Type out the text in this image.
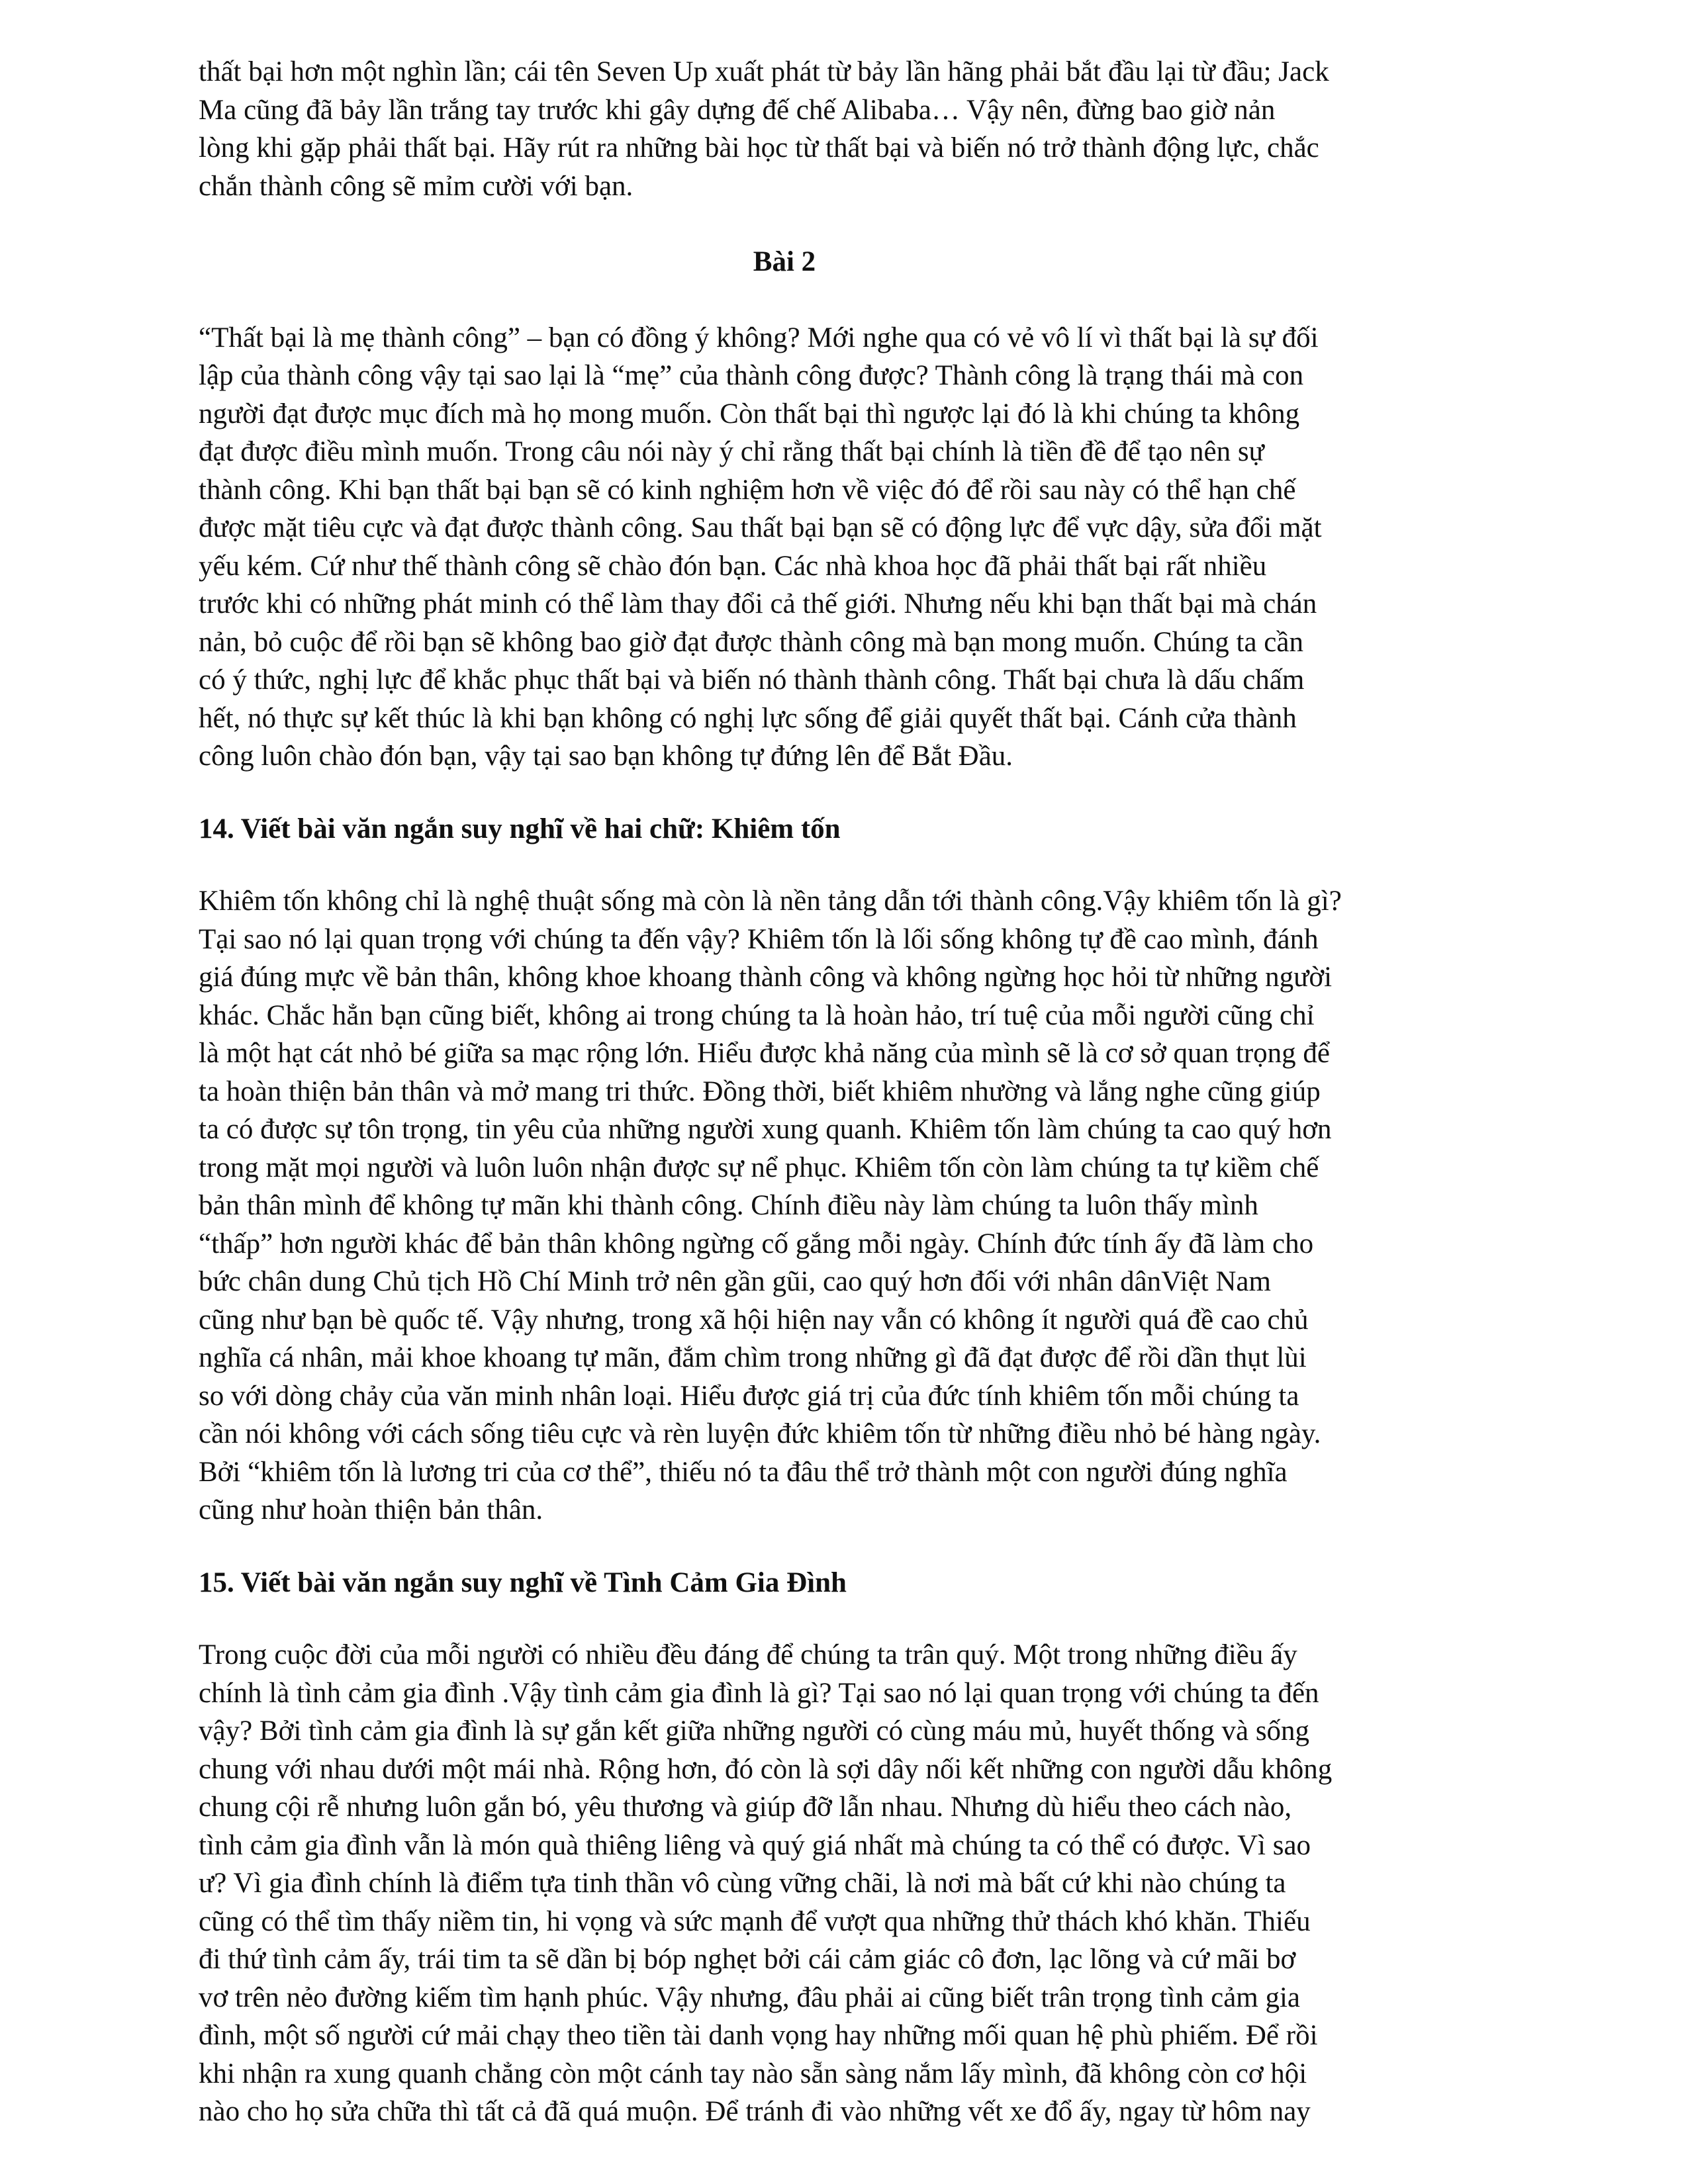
thất bại hơn một nghìn lần; cái tên Seven Up xuất phát từ bảy lần hãng phải bắt đầu lại từ đầu; Jack
Ma cũng đã bảy lần trắng tay trước khi gây dựng đế chế Alibaba… Vậy nên, đừng bao giờ nản
lòng khi gặp phải thất bại. Hãy rút ra những bài học từ thất bại và biến nó trở thành động lực, chắc
chắn thành công sẽ mỉm cười với bạn.
Bài 2
“Thất bại là mẹ thành công” – bạn có đồng ý không? Mới nghe qua có vẻ vô lí vì thất bại là sự đối
lập của thành công vậy tại sao lại là “mẹ” của thành công được? Thành công là trạng thái mà con
người đạt được mục đích mà họ mong muốn. Còn thất bại thì ngược lại đó là khi chúng ta không
đạt được điều mình muốn. Trong câu nói này ý chỉ rằng thất bại chính là tiền đề để tạo nên sự
thành công. Khi bạn thất bại bạn sẽ có kinh nghiệm hơn về việc đó để rồi sau này có thể hạn chế
được mặt tiêu cực và đạt được thành công. Sau thất bại bạn sẽ có động lực để vực dậy, sửa đổi mặt
yếu kém. Cứ như thế thành công sẽ chào đón bạn. Các nhà khoa học đã phải thất bại rất nhiều
trước khi có những phát minh có thể làm thay đổi cả thế giới. Nhưng nếu khi bạn thất bại mà chán
nản, bỏ cuộc để rồi bạn sẽ không bao giờ đạt được thành công mà bạn mong muốn. Chúng ta cần
có ý thức, nghị lực để khắc phục thất bại và biến nó thành thành công. Thất bại chưa là dấu chấm
hết, nó thực sự kết thúc là khi bạn không có nghị lực sống để giải quyết thất bại. Cánh cửa thành
công luôn chào đón bạn, vậy tại sao bạn không tự đứng lên để Bắt Đầu.
14. Viết bài văn ngắn suy nghĩ về hai chữ: Khiêm tốn
Khiêm tốn không chỉ là nghệ thuật sống mà còn là nền tảng dẫn tới thành công.Vậy khiêm tốn là gì?
Tại sao nó lại quan trọng với chúng ta đến vậy? Khiêm tốn là lối sống không tự đề cao mình, đánh
giá đúng mực về bản thân, không khoe khoang thành công và không ngừng học hỏi từ những người
khác. Chắc hẳn bạn cũng biết, không ai trong chúng ta là hoàn hảo, trí tuệ của mỗi người cũng chỉ
là một hạt cát nhỏ bé giữa sa mạc rộng lớn. Hiểu được khả năng của mình sẽ là cơ sở quan trọng để
ta hoàn thiện bản thân và mở mang tri thức. Đồng thời, biết khiêm nhường và lắng nghe cũng giúp
ta có được sự tôn trọng, tin yêu của những người xung quanh. Khiêm tốn làm chúng ta cao quý hơn
trong mặt mọi người và luôn luôn nhận được sự nể phục. Khiêm tốn còn làm chúng ta tự kiềm chế
bản thân mình để không tự mãn khi thành công. Chính điều này làm chúng ta luôn thấy mình
“thấp” hơn người khác để bản thân không ngừng cố gắng mỗi ngày. Chính đức tính ấy đã làm cho
bức chân dung Chủ tịch Hồ Chí Minh trở nên gần gũi, cao quý hơn đối với nhân dânViệt Nam
cũng như bạn bè quốc tế. Vậy nhưng, trong xã hội hiện nay vẫn có không ít người quá đề cao chủ
nghĩa cá nhân, mải khoe khoang tự mãn, đắm chìm trong những gì đã đạt được để rồi dần thụt lùi
so với dòng chảy của văn minh nhân loại. Hiểu được giá trị của đức tính khiêm tốn mỗi chúng ta
cần nói không với cách sống tiêu cực và rèn luyện đức khiêm tốn từ những điều nhỏ bé hàng ngày.
Bởi “khiêm tốn là lương tri của cơ thể”, thiếu nó ta đâu thể trở thành một con người đúng nghĩa
cũng như hoàn thiện bản thân.
15. Viết bài văn ngắn suy nghĩ về Tình Cảm Gia Đình
Trong cuộc đời của mỗi người có nhiều đều đáng để chúng ta trân quý. Một trong những điều ấy
chính là tình cảm gia đình .Vậy tình cảm gia đình là gì? Tại sao nó lại quan trọng với chúng ta đến
vậy? Bởi tình cảm gia đình là sự gắn kết giữa những người có cùng máu mủ, huyết thống và sống
chung với nhau dưới một mái nhà. Rộng hơn, đó còn là sợi dây nối kết những con người dẫu không
chung cội rễ nhưng luôn gắn bó, yêu thương và giúp đỡ lẫn nhau. Nhưng dù hiểu theo cách nào,
tình cảm gia đình vẫn là món quà thiêng liêng và quý giá nhất mà chúng ta có thể có được. Vì sao
ư? Vì gia đình chính là điểm tựa tinh thần vô cùng vững chãi, là nơi mà bất cứ khi nào chúng ta
cũng có thể tìm thấy niềm tin, hi vọng và sức mạnh để vượt qua những thử thách khó khăn. Thiếu
đi thứ tình cảm ấy, trái tim ta sẽ dần bị bóp nghẹt bởi cái cảm giác cô đơn, lạc lõng và cứ mãi bơ
vơ trên nẻo đường kiếm tìm hạnh phúc. Vậy nhưng, đâu phải ai cũng biết trân trọng tình cảm gia
đình, một số người cứ mải chạy theo tiền tài danh vọng hay những mối quan hệ phù phiếm. Để rồi
khi nhận ra xung quanh chẳng còn một cánh tay nào sẵn sàng nắm lấy mình, đã không còn cơ hội
nào cho họ sửa chữa thì tất cả đã quá muộn. Để tránh đi vào những vết xe đổ ấy, ngay từ hôm nay
